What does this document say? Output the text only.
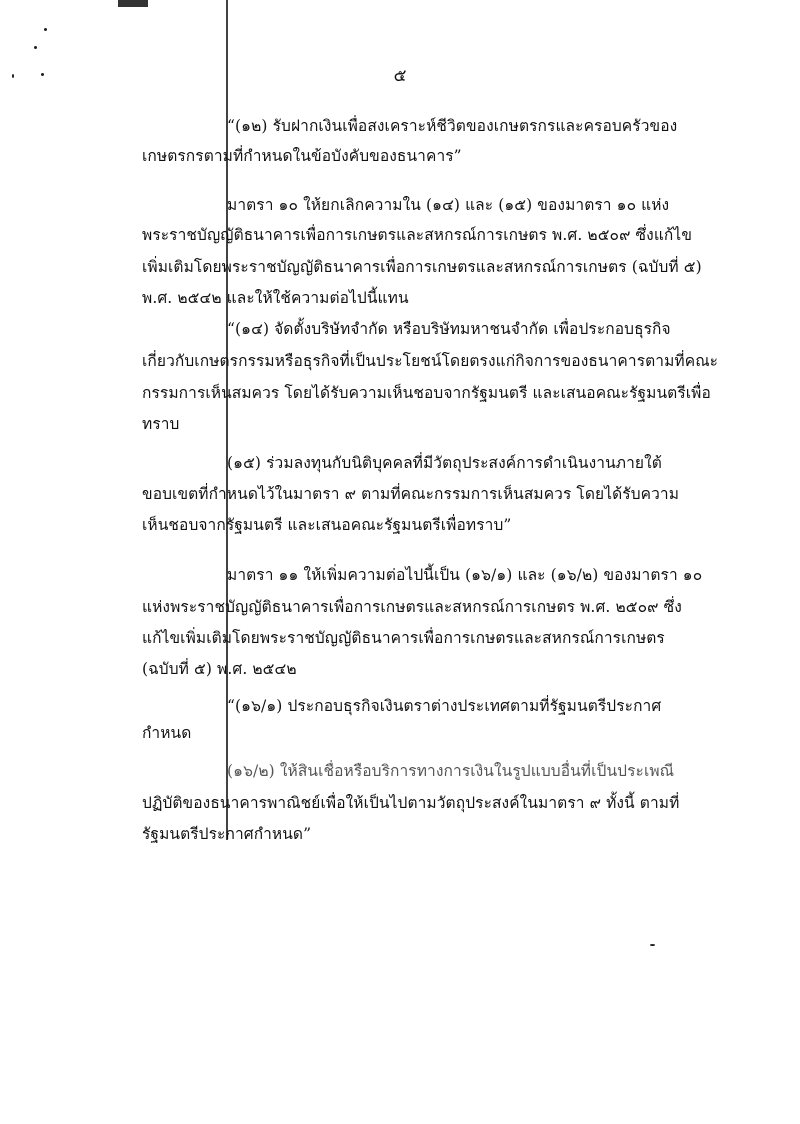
๕
“(๑๒) รับฝากเงินเพื่อสงเคราะห์ชีวิตของเกษตรกรและครอบครัวของ
เกษตรกรตามที่กำหนดในข้อบังคับของธนาคาร”
มาตรา ๑๐ ให้ยกเลิกความใน (๑๔) และ (๑๕) ของมาตรา ๑๐ แห่ง
พระราชบัญญัติธนาคารเพื่อการเกษตรและสหกรณ์การเกษตร พ.ศ. ๒๕๐๙ ซึ่งแก้ไข
เพิ่มเติมโดยพระราชบัญญัติธนาคารเพื่อการเกษตรและสหกรณ์การเกษตร (ฉบับที่ ๕)
พ.ศ. ๒๕๔๒ และให้ใช้ความต่อไปนี้แทน
“(๑๔) จัดตั้งบริษัทจำกัด หรือบริษัทมหาชนจำกัด เพื่อประกอบธุรกิจ
เกี่ยวกับเกษตรกรรมหรือธุรกิจที่เป็นประโยชน์โดยตรงแก่กิจการของธนาคารตามที่คณะ
กรรมการเห็นสมควร โดยได้รับความเห็นชอบจากรัฐมนตรี และเสนอคณะรัฐมนตรีเพื่อ
ทราบ
(๑๕) ร่วมลงทุนกับนิติบุคคลที่มีวัตถุประสงค์การดำเนินงานภายใต้
ขอบเขตที่กำหนดไว้ในมาตรา ๙ ตามที่คณะกรรมการเห็นสมควร โดยได้รับความ
เห็นชอบจากรัฐมนตรี และเสนอคณะรัฐมนตรีเพื่อทราบ”
มาตรา ๑๑ ให้เพิ่มความต่อไปนี้เป็น (๑๖/๑) และ (๑๖/๒) ของมาตรา ๑๐
แห่งพระราชบัญญัติธนาคารเพื่อการเกษตรและสหกรณ์การเกษตร พ.ศ. ๒๕๐๙ ซึ่ง
แก้ไขเพิ่มเติมโดยพระราชบัญญัติธนาคารเพื่อการเกษตรและสหกรณ์การเกษตร
(ฉบับที่ ๕) พ.ศ. ๒๕๔๒
“(๑๖/๑) ประกอบธุรกิจเงินตราต่างประเทศตามที่รัฐมนตรีประกาศ
กำหนด
(๑๖/๒) ให้สินเชื่อหรือบริการทางการเงินในรูปแบบอื่นที่เป็นประเพณี
ปฏิบัติของธนาคารพาณิชย์เพื่อให้เป็นไปตามวัตถุประสงค์ในมาตรา ๙ ทั้งนี้ ตามที่
รัฐมนตรีประกาศกำหนด”
